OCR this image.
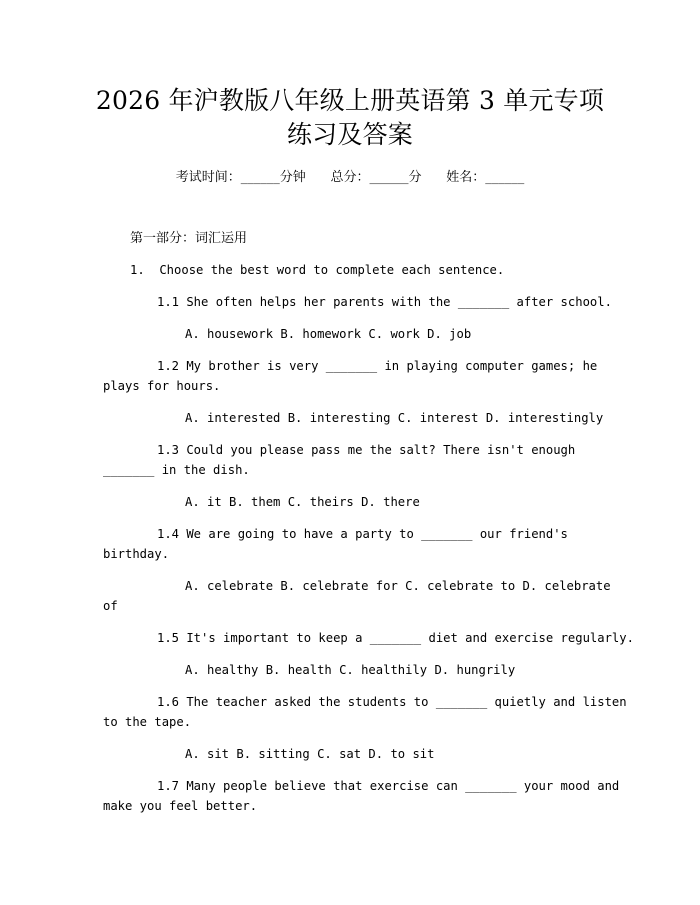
2026 年沪教版八年级上册英语第 3 单元专项
练习及答案
考试时间：______分钟      总分：______分      姓名：______
第一部分：词汇运用
1.  Choose the best word to complete each sentence.
1.1 She often helps her parents with the _______ after school.
A. housework B. homework C. work D. job
1.2 My brother is very _______ in playing computer games; he
plays for hours.
A. interested B. interesting C. interest D. interestingly
1.3 Could you please pass me the salt? There isn't enough
_______ in the dish.
A. it B. them C. theirs D. there
1.4 We are going to have a party to _______ our friend's
birthday.
A. celebrate B. celebrate for C. celebrate to D. celebrate
of
1.5 It's important to keep a _______ diet and exercise regularly.
A. healthy B. health C. healthily D. hungrily
1.6 The teacher asked the students to _______ quietly and listen
to the tape.
A. sit B. sitting C. sat D. to sit
1.7 Many people believe that exercise can _______ your mood and
make you feel better.
